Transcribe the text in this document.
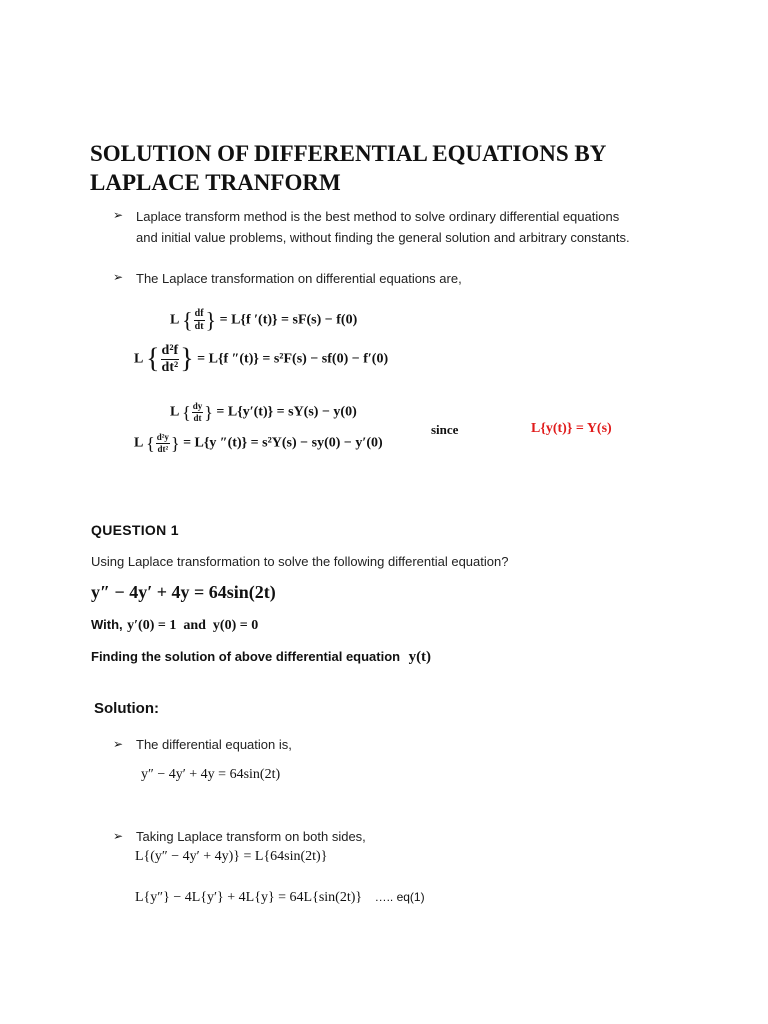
SOLUTION OF DIFFERENTIAL EQUATIONS BY
LAPLACE TRANFORM
➢ Laplace transform method is the best method to solve ordinary differential equations
and initial value problems, without finding the general solution and arbitrary constants.
➢ The Laplace transformation on differential equations are,
L { $\frac{df}{dt}$ } = L{f ′(t)} = sF(s) − f(0)
L { $\frac{\text{d²f}}{\text{dt²}}$ } = L{f ″(t)} = s²F(s) − sf(0) − f′(0)
L { $\frac{dy}{dt}$ } = L{y′(t)} = sY(s) − y(0)
L { $\frac{\text{d²y}}{\text{dt²}}$ } = L{y ″(t)} = s²Y(s) − sy(0) − y′(0)
since	L{y(t)} = Y(s)
QUESTION 1
Using Laplace transformation to solve the following differential equation?
y″ − 4y′ + 4y = 64sin(2t)
With, y′(0) = 1  and  y(0) = 0
Finding the solution of above differential equation y(t)
Solution:
➢ The differential equation is,
y″ − 4y′ + 4y = 64sin(2t)
➢ Taking Laplace transform on both sides,
L{(y″ − 4y′ + 4y)} = L{64sin(2t)}
L{y″} − 4L{y′} + 4L{y} = 64L{sin(2t)} ….. eq(1)
